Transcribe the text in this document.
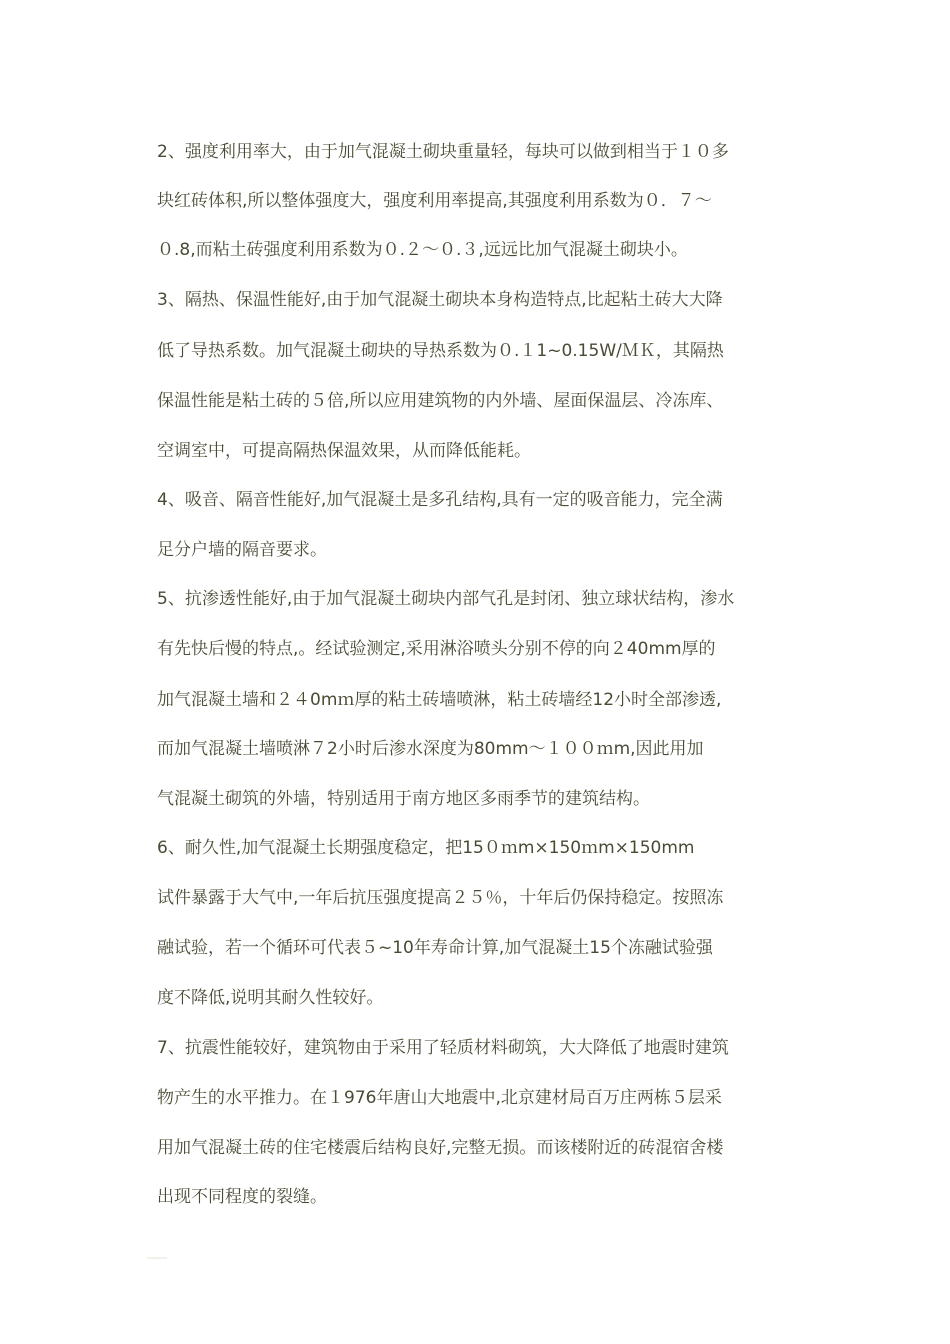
2、强度利用率大，由于加气混凝土砌块重量轻，每块可以做到相当于１０多
块红砖体积,所以整体强度大，强度利用率提高,其强度利用系数为０．７～
０.8,而粘土砖强度利用系数为０.２～０.３,远远比加气混凝土砌块小。
3、隔热、保温性能好,由于加气混凝土砌块本身构造特点,比起粘土砖大大降
低了导热系数。加气混凝土砌块的导热系数为０.１1~0.15W/ＭＫ，其隔热
保温性能是粘土砖的５倍,所以应用建筑物的内外墙、屋面保温层、冷冻库、
空调室中，可提高隔热保温效果，从而降低能耗。
4、吸音、隔音性能好,加气混凝土是多孔结构,具有一定的吸音能力，完全满
足分户墙的隔音要求。
5、抗渗透性能好,由于加气混凝土砌块内部气孔是封闭、独立球状结构，渗水
有先快后慢的特点,。经试验测定,采用淋浴喷头分别不停的向２40mm厚的
加气混凝土墙和２４0mｍ厚的粘土砖墙喷淋，粘土砖墙经12小时全部渗透,
而加气混凝土墙喷淋７2小时后渗水深度为80mm～１００ｍm,因此用加
气混凝土砌筑的外墙，特别适用于南方地区多雨季节的建筑结构。
6、耐久性,加气混凝土长期强度稳定，把15０ｍm×150ｍm×150mm
试件暴露于大气中,一年后抗压强度提高２５％，十年后仍保持稳定。按照冻
融试验，若一个循环可代表５~10年寿命计算,加气混凝土15个冻融试验强
度不降低,说明其耐久性较好。
7、抗震性能较好，建筑物由于采用了轻质材料砌筑，大大降低了地震时建筑
物产生的水平推力。在１976年唐山大地震中,北京建材局百万庄两栋５层采
用加气混凝土砖的住宅楼震后结构良好,完整无损。而该楼附近的砖混宿舍楼
出现不同程度的裂缝。
